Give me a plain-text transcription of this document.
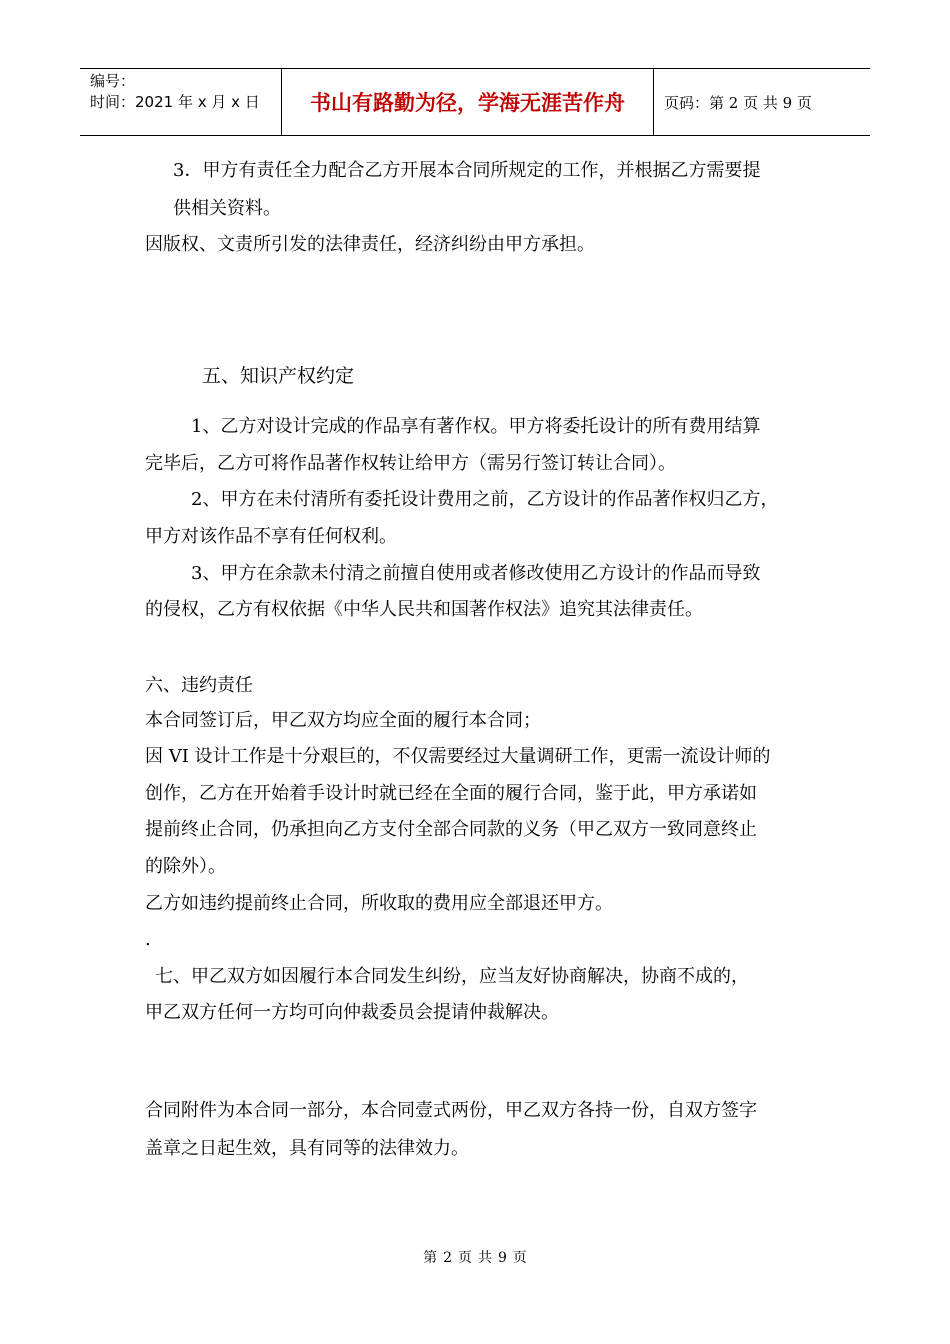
编号：
时间：2021 年 x 月 x 日	书山有路勤为径，学海无涯苦作舟	页码：第 2 页 共 9 页
3．甲方有责任全力配合乙方开展本合同所规定的工作，并根据乙方需要提
供相关资料。
因版权、文责所引发的法律责任，经济纠纷由甲方承担。
五、知识产权约定
1、乙方对设计完成的作品享有著作权。甲方将委托设计的所有费用结算
完毕后，乙方可将作品著作权转让给甲方（需另行签订转让合同）。
2、甲方在未付清所有委托设计费用之前，乙方设计的作品著作权归乙方，
甲方对该作品不享有任何权利。
3、甲方在余款未付清之前擅自使用或者修改使用乙方设计的作品而导致
的侵权，乙方有权依据《中华人民共和国著作权法》追究其法律责任。
六、违约责任
本合同签订后，甲乙双方均应全面的履行本合同；
因 VI 设计工作是十分艰巨的，不仅需要经过大量调研工作，更需一流设计师的
创作，乙方在开始着手设计时就已经在全面的履行合同，鉴于此，甲方承诺如
提前终止合同，仍承担向乙方支付全部合同款的义务（甲乙双方一致同意终止
的除外）。
乙方如违约提前终止合同，所收取的费用应全部退还甲方。
.
七、甲乙双方如因履行本合同发生纠纷，应当友好协商解决，协商不成的，
甲乙双方任何一方均可向仲裁委员会提请仲裁解决。
合同附件为本合同一部分，本合同壹式两份，甲乙双方各持一份，自双方签字
盖章之日起生效，具有同等的法律效力。
第 2 页 共 9 页
